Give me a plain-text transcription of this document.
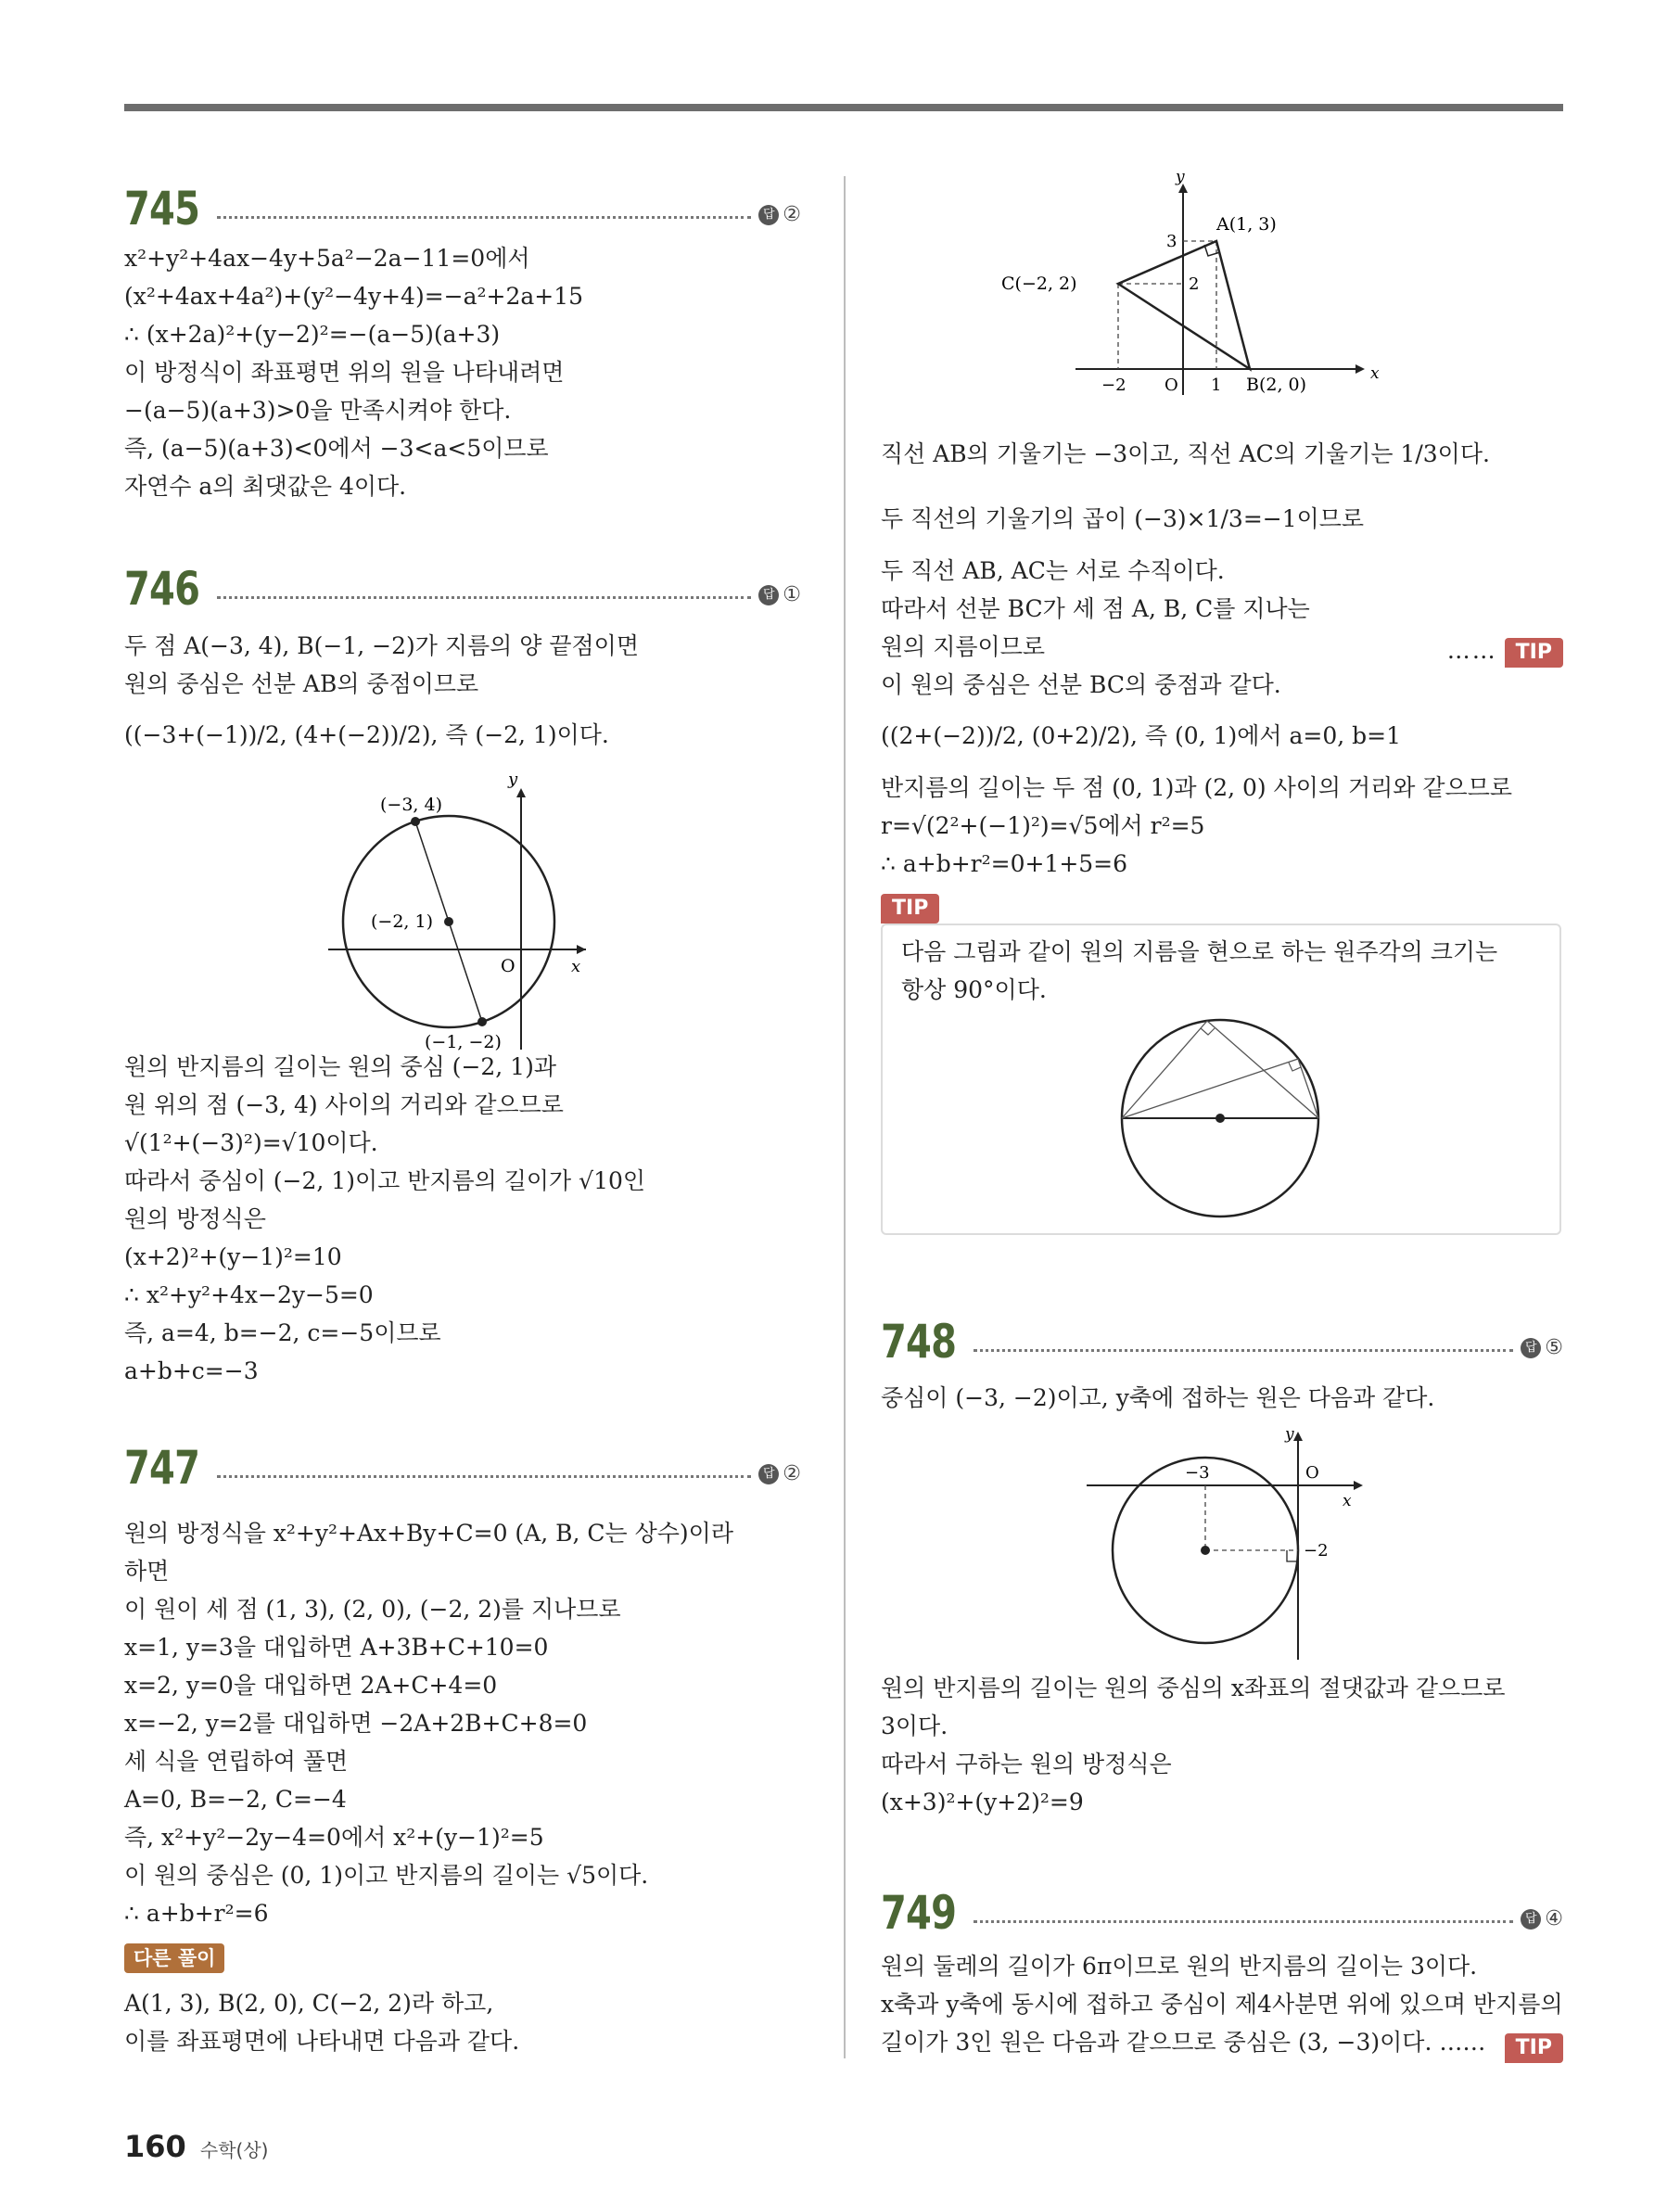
745	답 ②
x²+y²+4ax−4y+5a²−2a−11=0에서
(x²+4ax+4a²)+(y²−4y+4)=−a²+2a+15
∴ (x+2a)²+(y−2)²=−(a−5)(a+3)
이 방정식이 좌표평면 위의 원을 나타내려면
−(a−5)(a+3)>0을 만족시켜야 한다.
즉, (a−5)(a+3)<0에서 −3<a<5이므로
자연수 a의 최댓값은 4이다.
746	답 ①
두 점 A(−3, 4), B(−1, −2)가 지름의 양 끝점이면
원의 중심은 선분 AB의 중점이므로
((−3+(−1))/2, (4+(−2))/2), 즉 (−2, 1)이다.
y
x
O
(−3, 4)
(−2, 1)
(−1, −2)
원의 반지름의 길이는 원의 중심 (−2, 1)과
원 위의 점 (−3, 4) 사이의 거리와 같으므로
√(1²+(−3)²)=√10이다.
따라서 중심이 (−2, 1)이고 반지름의 길이가 √10인
원의 방정식은
(x+2)²+(y−1)²=10
∴ x²+y²+4x−2y−5=0
즉, a=4, b=−2, c=−5이므로
a+b+c=−3
747	답 ②
원의 방정식을 x²+y²+Ax+By+C=0 (A, B, C는 상수)이라
하면
이 원이 세 점 (1, 3), (2, 0), (−2, 2)를 지나므로
x=1, y=3을 대입하면 A+3B+C+10=0
x=2, y=0을 대입하면 2A+C+4=0
x=−2, y=2를 대입하면 −2A+2B+C+8=0
세 식을 연립하여 풀면
A=0, B=−2, C=−4
즉, x²+y²−2y−4=0에서 x²+(y−1)²=5
이 원의 중심은 (0, 1)이고 반지름의 길이는 √5이다.
∴ a+b+r²=6
다른 풀이
A(1, 3), B(2, 0), C(−2, 2)라 하고,
이를 좌표평면에 나타내면 다음과 같다.
y
x
O
3
2
−2	1
A(1, 3)
C(−2, 2)
B(2, 0)
직선 AB의 기울기는 −3이고, 직선 AC의 기울기는 1/3이다.
두 직선의 기울기의 곱이 (−3)×1/3=−1이므로
두 직선 AB, AC는 서로 수직이다.
따라서 선분 BC가 세 점 A, B, C를 지나는
원의 지름이므로	…… TIP
이 원의 중심은 선분 BC의 중점과 같다.
((2+(−2))/2, (0+2)/2), 즉 (0, 1)에서 a=0, b=1
반지름의 길이는 두 점 (0, 1)과 (2, 0) 사이의 거리와 같으므로
r=√(2²+(−1)²)=√5에서 r²=5
∴ a+b+r²=0+1+5=6
TIP
다음 그림과 같이 원의 지름을 현으로 하는 원주각의 크기는
항상 90°이다.
748	답 ⑤
중심이 (−3, −2)이고, y축에 접하는 원은 다음과 같다.
y
x
O
−3
−2
원의 반지름의 길이는 원의 중심의 x좌표의 절댓값과 같으므로
3이다.
따라서 구하는 원의 방정식은
(x+3)²+(y+2)²=9
749	답 ④
원의 둘레의 길이가 6π이므로 원의 반지름의 길이는 3이다.
x축과 y축에 동시에 접하고 중심이 제4사분면 위에 있으며 반지름의
길이가 3인 원은 다음과 같으므로 중심은 (3, −3)이다. ……	TIP
160 수학(상)
